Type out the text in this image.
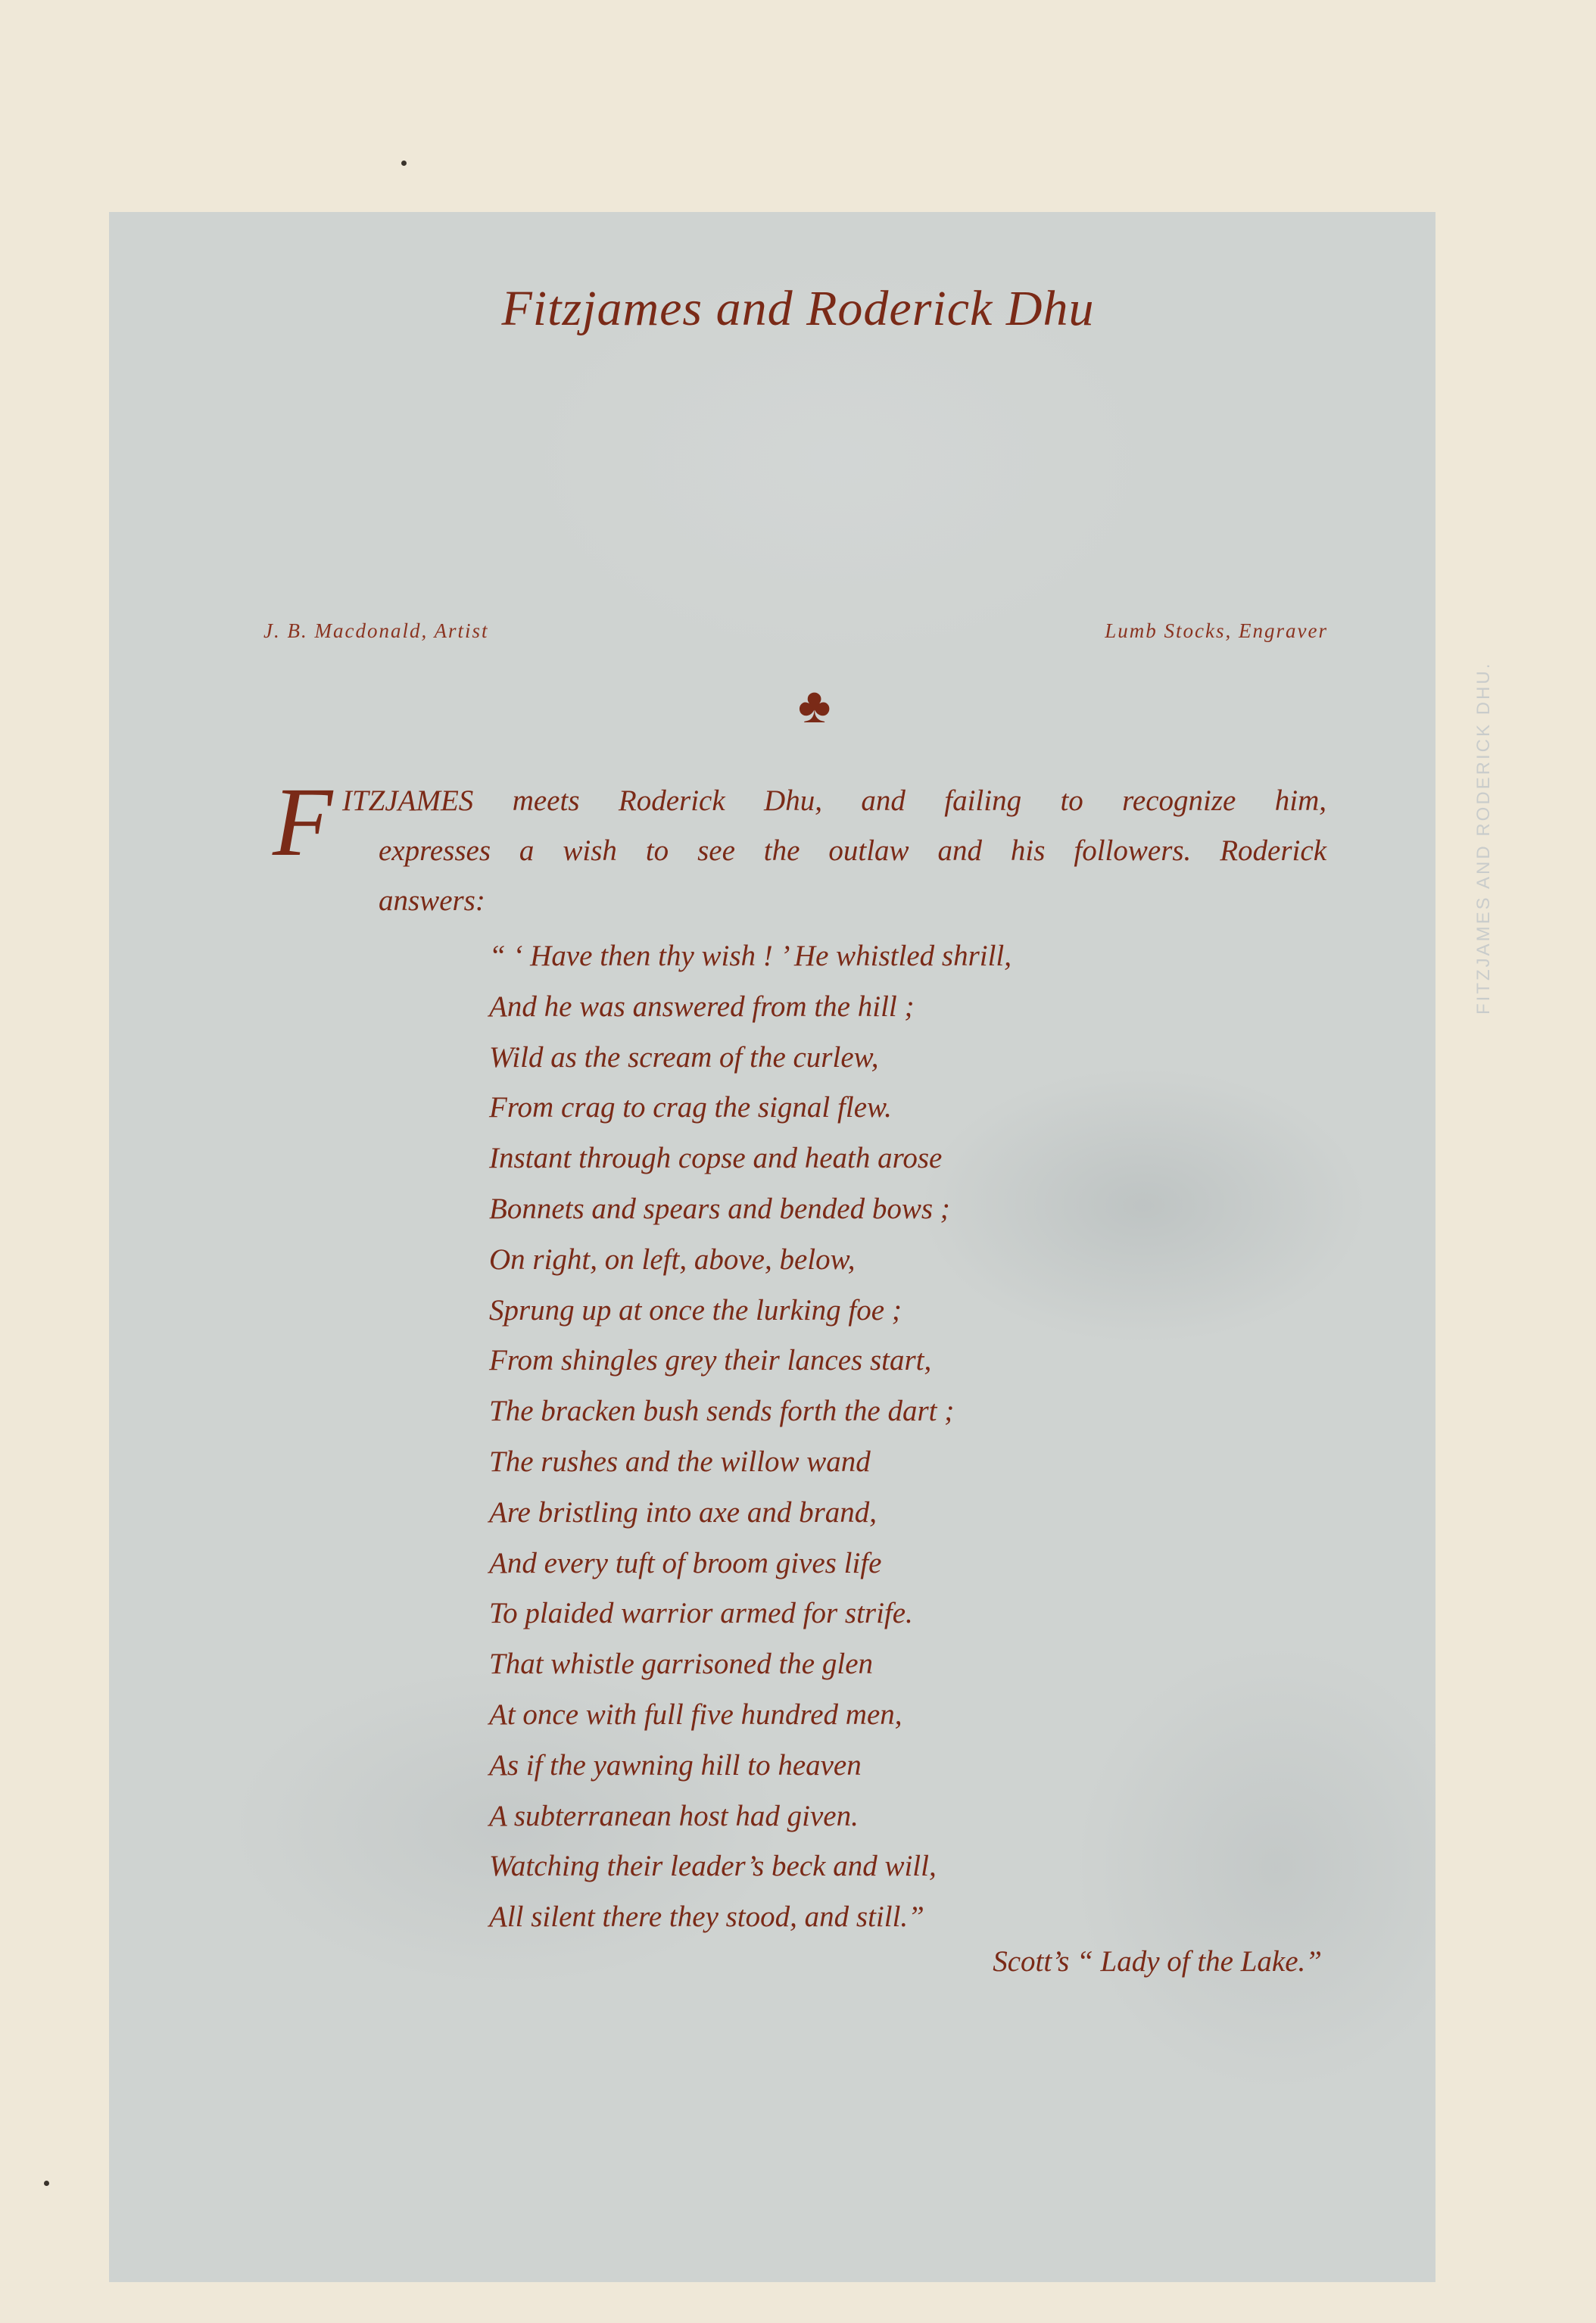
FITZJAMES AND RODERICK DHU.
Fitzjames and Roderick Dhu
J. B. Macdonald, Artist	Lumb Stocks, Engraver
♣
F ITZJAMES meets Roderick Dhu, and failing to recognize him,
expresses a wish to see the outlaw and his followers. Roderick
answers:
“ ‘ Have then thy wish ! ’ He whistled shrill,
And he was answered from the hill ;
Wild as the scream of the curlew,
From crag to crag the signal flew.
Instant through copse and heath arose
Bonnets and spears and bended bows ;
On right, on left, above, below,
Sprung up at once the lurking foe ;
From shingles grey their lances start,
The bracken bush sends forth the dart ;
The rushes and the willow wand
Are bristling into axe and brand,
And every tuft of broom gives life
To plaided warrior armed for strife.
That whistle garrisoned the glen
At once with full five hundred men,
As if the yawning hill to heaven
A subterranean host had given.
Watching their leader’s beck and will,
All silent there they stood, and still.”
Scott’s “ Lady of the Lake.”
